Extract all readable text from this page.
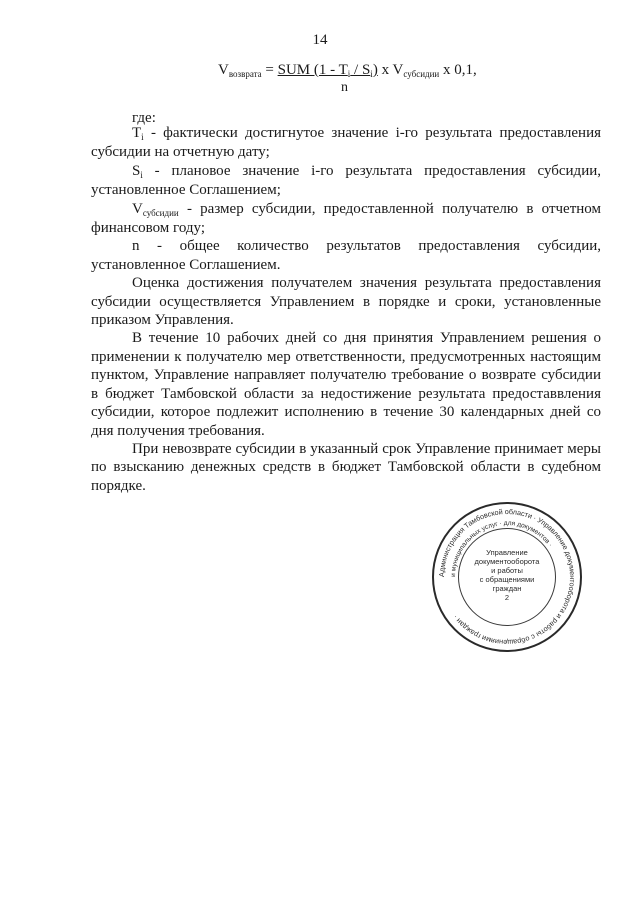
14
$V_{возврата}$ = SUM $(1 - T_i / S_i)$ x $V_{субсидии}$ x 0,1,
n
где:

$T_i$ - фактически достигнутое значение i-го результата предоставления субсидии на отчетную дату;

$S_i$ - плановое значение i-го результата предоставления субсидии, установленное Соглашением;

$V_{субсидии}$ - размер субсидии, предоставленной получателю в отчетном финансовом году;

n - общее количество результатов предоставления субсидии, установленное Соглашением.

Оценка достижения получателем значения результата предоставления субсидии осуществляется Управлением в порядке и сроки, установленные приказом Управления.

В течение 10 рабочих дней со дня принятия Управлением решения о применении к получателю мер ответственности, предусмотренных настоящим пунктом, Управление направляет получателю требование о возврате субсидии в бюджет Тамбовской области за недостижение результата предоставвления субсидии, которое подлежит исполнению в течение 30 календарных дней со дня получения требования.

При невозврате субсидии в указанный срок Управление принимает меры по взысканию денежных средств в бюджет Тамбовской области в судебном порядке.

Администрация Тамбовской области · Управление документооборота и работы с обращениями граждан ·
и муниципальных услуг · для документов ·
Управление
документооборота
и работы
с обращениями
граждан
2
